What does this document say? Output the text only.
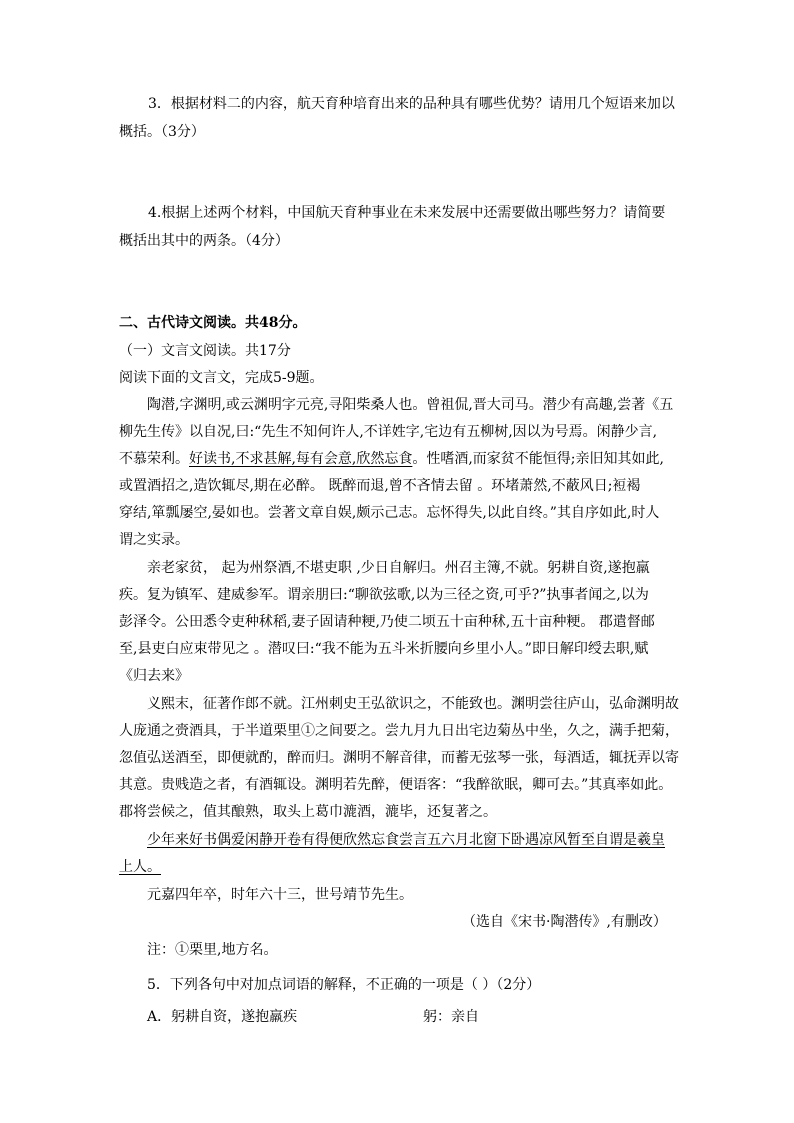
3．根据材料二的内容，航天育种培育出来的品种具有哪些优势？请用几个短语来加以
概括。（3分）
4.根据上述两个材料，中国航天育种事业在未来发展中还需要做出哪些努力？请简要
概括出其中的两条。（4分）
二、古代诗文阅读。共48分。
（一）文言文阅读。共17分
阅读下面的文言文，完成5-9题。
陶潜,字渊明,或云渊明字元亮,寻阳柴桑人也。曾祖侃,晋大司马。潜少有高趣,尝著《五
柳先生传》以自况,曰:“先生不知何许人,不详姓字,宅边有五柳树,因以为号焉。闲静少言,
不慕荣利。好读书,不求甚解,每有会意,欣然忘食。性嗜酒,而家贫不能恒得;亲旧知其如此,
或置酒招之,造饮辄尽,期在必醉。 既醉而退,曾不吝情去留 。环堵萧然,不蔽风日;裋褐
穿结,箪瓢屡空,晏如也。尝著文章自娱,颇示己志。忘怀得失,以此自终。”其自序如此,时人
谓之实录。
亲老家贫， 起为州祭酒,不堪吏职 ,少日自解归。州召主簿,不就。躬耕自资,遂抱羸
疾。复为镇军、建威参军。谓亲朋曰:“聊欲弦歌,以为三径之资,可乎?”执事者闻之,以为
彭泽令。公田悉令吏种秫稻,妻子固请种粳,乃使二顷五十亩种秫,五十亩种粳。 郡遣督邮
至,县吏白应束带见之 。潜叹曰:“我不能为五斗米折腰向乡里小人。”即日解印绶去职,赋
《归去来》
义熙末，征著作郎不就。江州刺史王弘欲识之，不能致也。渊明尝往庐山，弘命渊明故
人庞通之赍酒具，于半道栗里①之间要之。尝九月九日出宅边菊丛中坐，久之，满手把菊，
忽值弘送酒至，即便就酌，醉而归。渊明不解音律，而蓄无弦琴一张，每酒适，辄抚弄以寄
其意。贵贱造之者，有酒辄设。渊明若先醉，便语客：“我醉欲眠，卿可去。”其真率如此。
郡将尝候之，值其酿熟，取头上葛巾漉酒，漉毕，还复著之。
少年来好书偶爱闲静开卷有得便欣然忘食尝言五六月北窗下卧遇凉风暂至自谓是羲皇
上人。
元嘉四年卒，时年六十三，世号靖节先生。
（选自《宋书·陶潜传》,有删改）
注：①栗里,地方名。
5．下列各句中对加点词语的解释，不正确的一项是（ ）（2分）
A．躬耕自资，遂抱羸疾	躬：亲自
